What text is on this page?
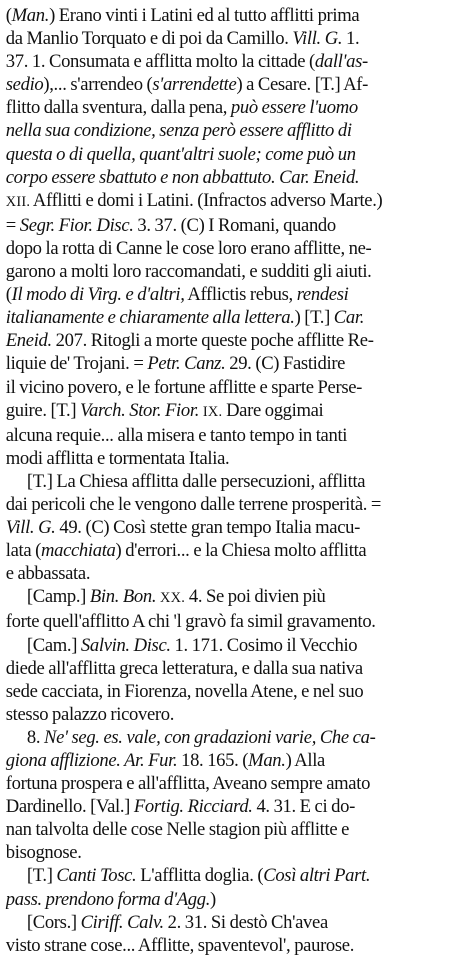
(Man.) Erano vinti i Latini ed al tutto afflitti prima
da Manlio Torquato e di poi da Camillo. Vill. G. 1.
37. 1. Consumata e afflitta molto la cittade (dall'as-
sedio),... s'arrendeo (s'arrendette) a Cesare. [T.] Af-
flitto dalla sventura, dalla pena, può essere l'uomo
nella sua condizione, senza però essere afflitto di
questa o di quella, quant'altri suole; come può un
corpo essere sbattuto e non abbattuto. Car. Eneid.
XII. Afflitti e domi i Latini. (Infractos adverso Marte.)
= Segr. Fior. Disc. 3. 37. (C) I Romani, quando
dopo la rotta di Canne le cose loro erano afflitte, ne-
garono a molti loro raccomandati, e sudditi gli aiuti.
(Il modo di Virg. e d'altri, Afflictis rebus, rendesi
italianamente e chiaramente alla lettera.) [T.] Car.
Eneid. 207. Ritogli a morte queste poche afflitte Re-
liquie de' Trojani. = Petr. Canz. 29. (C) Fastidire
il vicino povero, e le fortune afflitte e sparte Perse-
guire. [T.] Varch. Stor. Fior. IX. Dare oggimai
alcuna requie... alla misera e tanto tempo in tanti
modi afflitta e tormentata Italia.
[T.] La Chiesa afflitta dalle persecuzioni, afflitta
dai pericoli che le vengono dalle terrene prosperità. =
Vill. G. 49. (C) Così stette gran tempo Italia macu-
lata (macchiata) d'errori... e la Chiesa molto afflitta
e abbassata.
[Camp.] Bin. Bon. XX. 4. Se poi divien più
forte quell'afflitto A chi 'l gravò fa simil gravamento.
[Cam.] Salvin. Disc. 1. 171. Cosimo il Vecchio
diede all'afflitta greca letteratura, e dalla sua nativa
sede cacciata, in Fiorenza, novella Atene, e nel suo
stesso palazzo ricovero.
8. Ne' seg. es. vale, con gradazioni varie, Che ca-
giona afflizione. Ar. Fur. 18. 165. (Man.) Alla
fortuna prospera e all'afflitta, Aveano sempre amato
Dardinello. [Val.] Fortig. Ricciard. 4. 31. E ci do-
nan talvolta delle cose Nelle stagion più afflitte e
bisognose.
[T.] Canti Tosc. L'afflitta doglia. (Così altri Part.
pass. prendono forma d'Agg.)
[Cors.] Ciriff. Calv. 2. 31. Si destò Ch'avea
visto strane cose... Afflitte, spaventevol', paurose.
